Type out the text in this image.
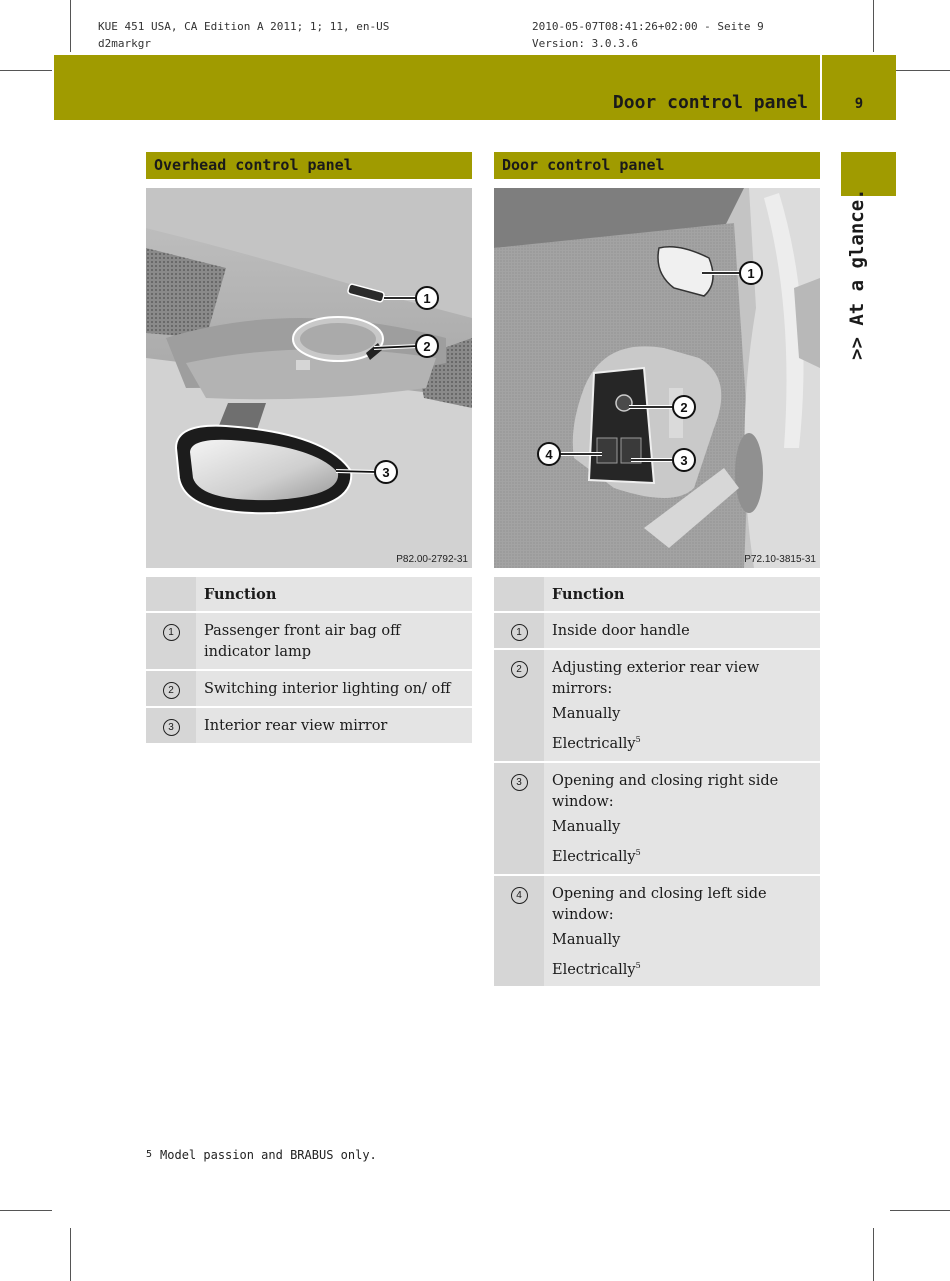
KUE 451 USA, CA Edition A 2011; 1; 11, en-US
d2markgr
2010-05-07T08:41:26+02:00 - Seite 9
Version: 3.0.3.6
Door control panel	9
>> At a glance.
Overhead control panel
1
2
3
P82.00-2792-31
	Function
1	Passenger front air bag off indicator lamp
2	Switching interior lighting on/ off
3	Interior rear view mirror
Door control panel
1
2
3
4
P72.10-3815-31
	Function
1	Inside door handle
2	Adjusting exterior rear view mirrors:
Manually
Electrically$^5$

3	Opening and closing right side window:
Manually
Electrically$^5$

4	Opening and closing left side window:
Manually
Electrically$^5$
5 Model passion and BRABUS only.
